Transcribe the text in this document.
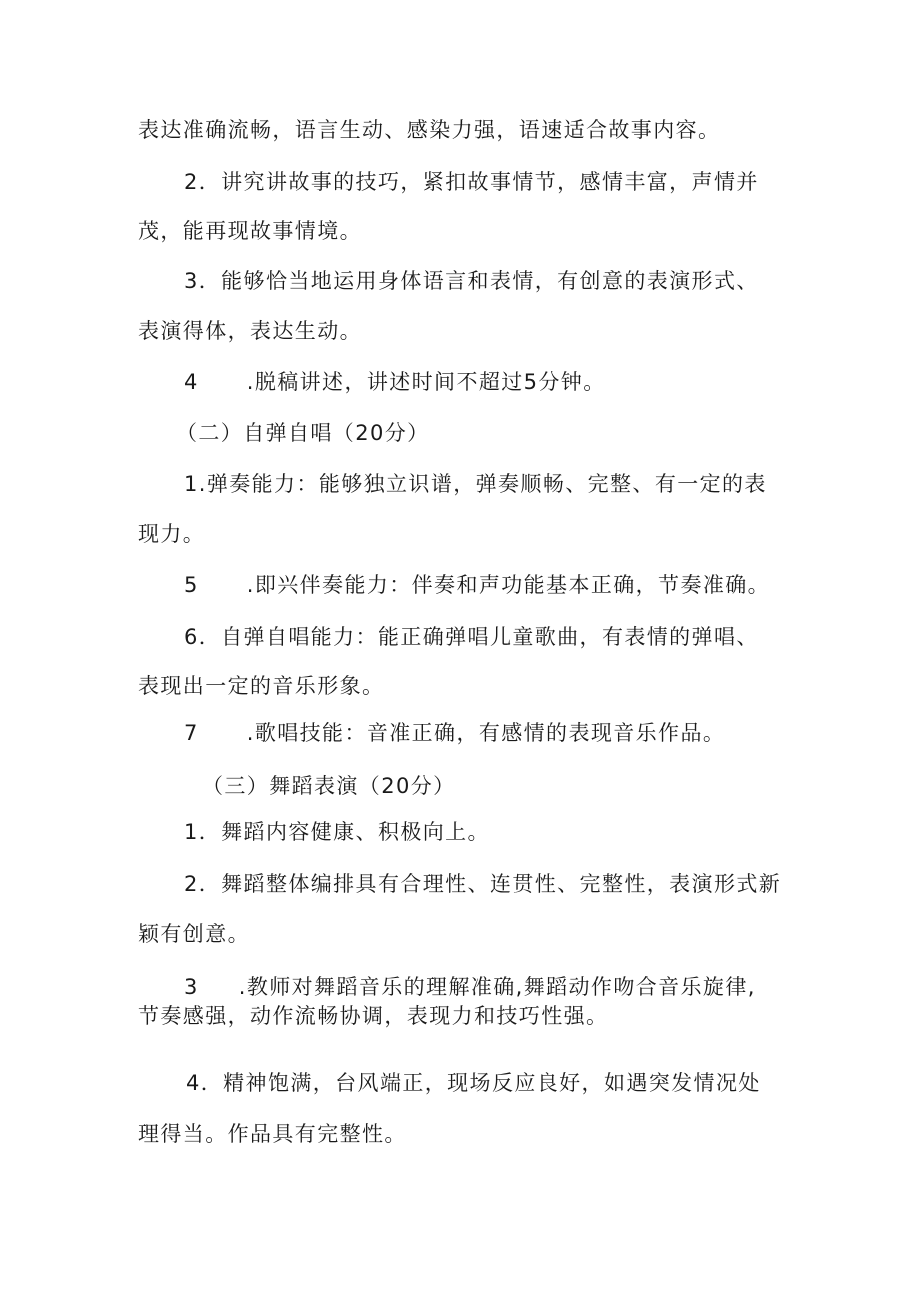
表达准确流畅，语言生动、感染力强，语速适合故事内容。
2．讲究讲故事的技巧，紧扣故事情节，感情丰富，声情并
茂，能再现故事情境。
3．能够恰当地运用身体语言和表情，有创意的表演形式、
表演得体，表达生动。
4 .脱稿讲述，讲述时间不超过5分钟。
（二）自弹自唱（20分）
1.弹奏能力：能够独立识谱，弹奏顺畅、完整、有一定的表
现力。
5 .即兴伴奏能力：伴奏和声功能基本正确，节奏准确。
6．自弹自唱能力：能正确弹唱儿童歌曲，有表情的弹唱、
表现出一定的音乐形象。
7 .歌唱技能：音准正确，有感情的表现音乐作品。
（三）舞蹈表演（20分）
1．舞蹈内容健康、积极向上。
2．舞蹈整体编排具有合理性、连贯性、完整性，表演形式新
颖有创意。
3 .教师对舞蹈音乐的理解准确,舞蹈动作吻合音乐旋律,
节奏感强，动作流畅协调，表现力和技巧性强。
4．精神饱满，台风端正，现场反应良好，如遇突发情况处
理得当。作品具有完整性。
